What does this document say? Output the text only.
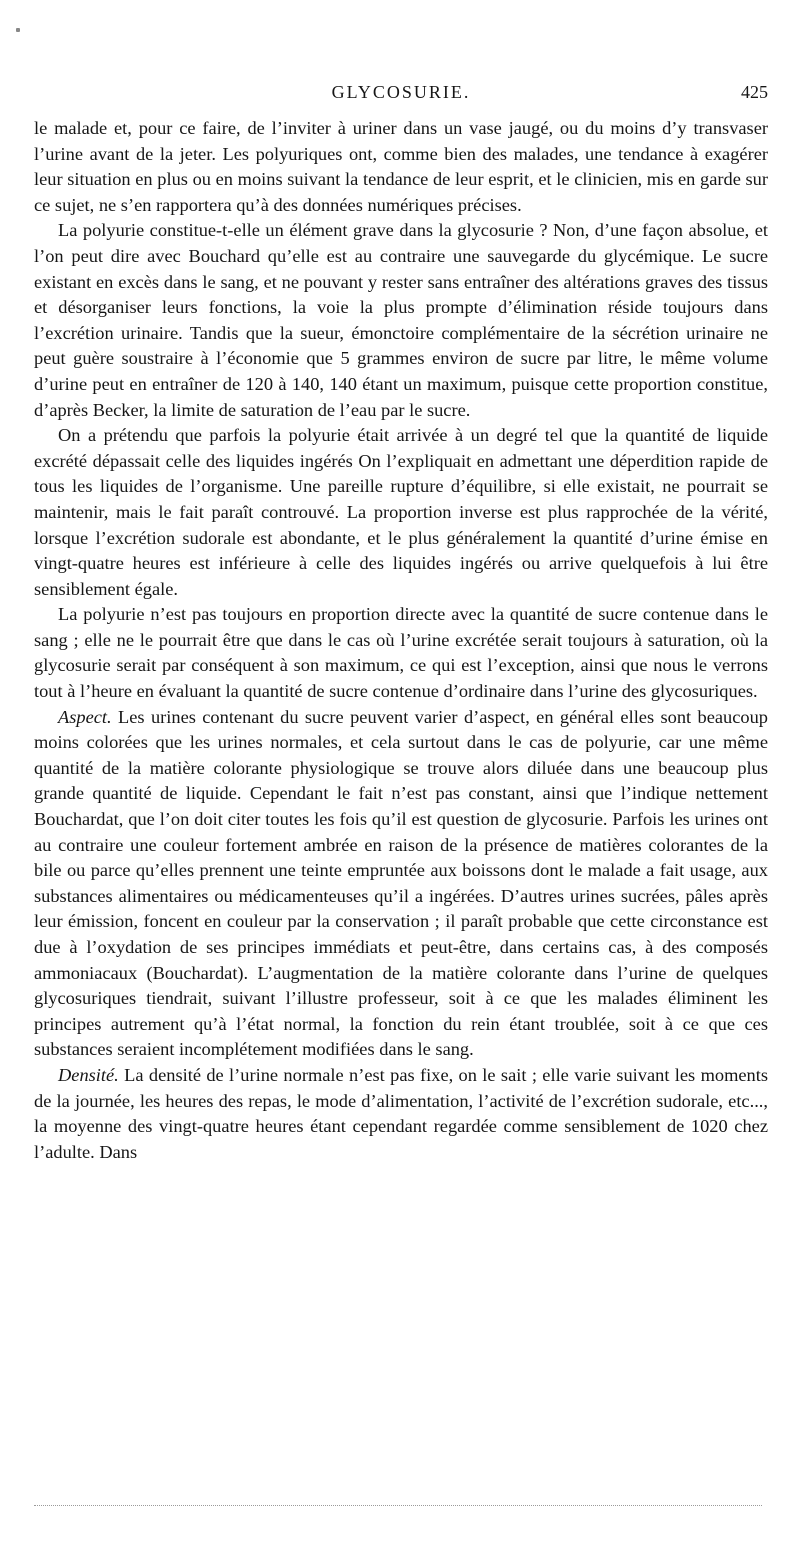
GLYCOSURIE.	425

le malade et, pour ce faire, de l’inviter à uriner dans un vase jaugé, ou du moins d’y transvaser l’urine avant de la jeter. Les polyuriques ont, comme bien des malades, une tendance à exagérer leur situation en plus ou en moins suivant la tendance de leur esprit, et le clinicien, mis en garde sur ce sujet, ne s’en rapportera qu’à des données numériques précises.

La polyurie constitue-t-elle un élément grave dans la glycosurie ? Non, d’une façon absolue, et l’on peut dire avec Bouchard qu’elle est au contraire une sauvegarde du glycémique. Le sucre existant en excès dans le sang, et ne pouvant y rester sans entraîner des altérations graves des tissus et désorganiser leurs fonctions, la voie la plus prompte d’élimination réside toujours dans l’excrétion urinaire. Tandis que la sueur, émonctoire complémentaire de la sécrétion urinaire ne peut guère soustraire à l’économie que 5 grammes environ de sucre par litre, le même volume d’urine peut en entraîner de 120 à 140, 140 étant un maximum, puisque cette proportion constitue, d’après Becker, la limite de saturation de l’eau par le sucre.

On a prétendu que parfois la polyurie était arrivée à un degré tel que la quantité de liquide excrété dépassait celle des liquides ingérés On l’expliquait en admettant une déperdition rapide de tous les liquides de l’organisme. Une pareille rupture d’équilibre, si elle existait, ne pourrait se maintenir, mais le fait paraît controuvé. La proportion inverse est plus rapprochée de la vérité, lorsque l’excrétion sudorale est abondante, et le plus généralement la quantité d’urine émise en vingt-quatre heures est inférieure à celle des liquides ingérés ou arrive quelquefois à lui être sensiblement égale.

La polyurie n’est pas toujours en proportion directe avec la quantité de sucre contenue dans le sang ; elle ne le pourrait être que dans le cas où l’urine excrétée serait toujours à saturation, où la glycosurie serait par conséquent à son maximum, ce qui est l’exception, ainsi que nous le verrons tout à l’heure en évaluant la quantité de sucre contenue d’ordinaire dans l’urine des glycosuriques.

Aspect. Les urines contenant du sucre peuvent varier d’aspect, en général elles sont beaucoup moins colorées que les urines normales, et cela surtout dans le cas de polyurie, car une même quantité de la matière colorante physiologique se trouve alors diluée dans une beaucoup plus grande quantité de liquide. Cependant le fait n’est pas constant, ainsi que l’indique nettement Bouchardat, que l’on doit citer toutes les fois qu’il est question de glycosurie. Parfois les urines ont au contraire une couleur fortement ambrée en raison de la présence de matières colorantes de la bile ou parce qu’elles prennent une teinte empruntée aux boissons dont le malade a fait usage, aux substances alimentaires ou médicamenteuses qu’il a ingérées. D’autres urines sucrées, pâles après leur émission, foncent en couleur par la conservation ; il paraît probable que cette circonstance est due à l’oxydation de ses principes immédiats et peut-être, dans certains cas, à des composés ammoniacaux (Bouchardat). L’augmentation de la matière colorante dans l’urine de quelques glycosuriques tiendrait, suivant l’illustre professeur, soit à ce que les malades éliminent les principes autrement qu’à l’état normal, la fonction du rein étant troublée, soit à ce que ces substances seraient incomplétement modifiées dans le sang.

Densité. La densité de l’urine normale n’est pas fixe, on le sait ; elle varie suivant les moments de la journée, les heures des repas, le mode d’alimentation, l’activité de l’excrétion sudorale, etc..., la moyenne des vingt-quatre heures étant cependant regardée comme sensiblement de 1020 chez l’adulte. Dans
